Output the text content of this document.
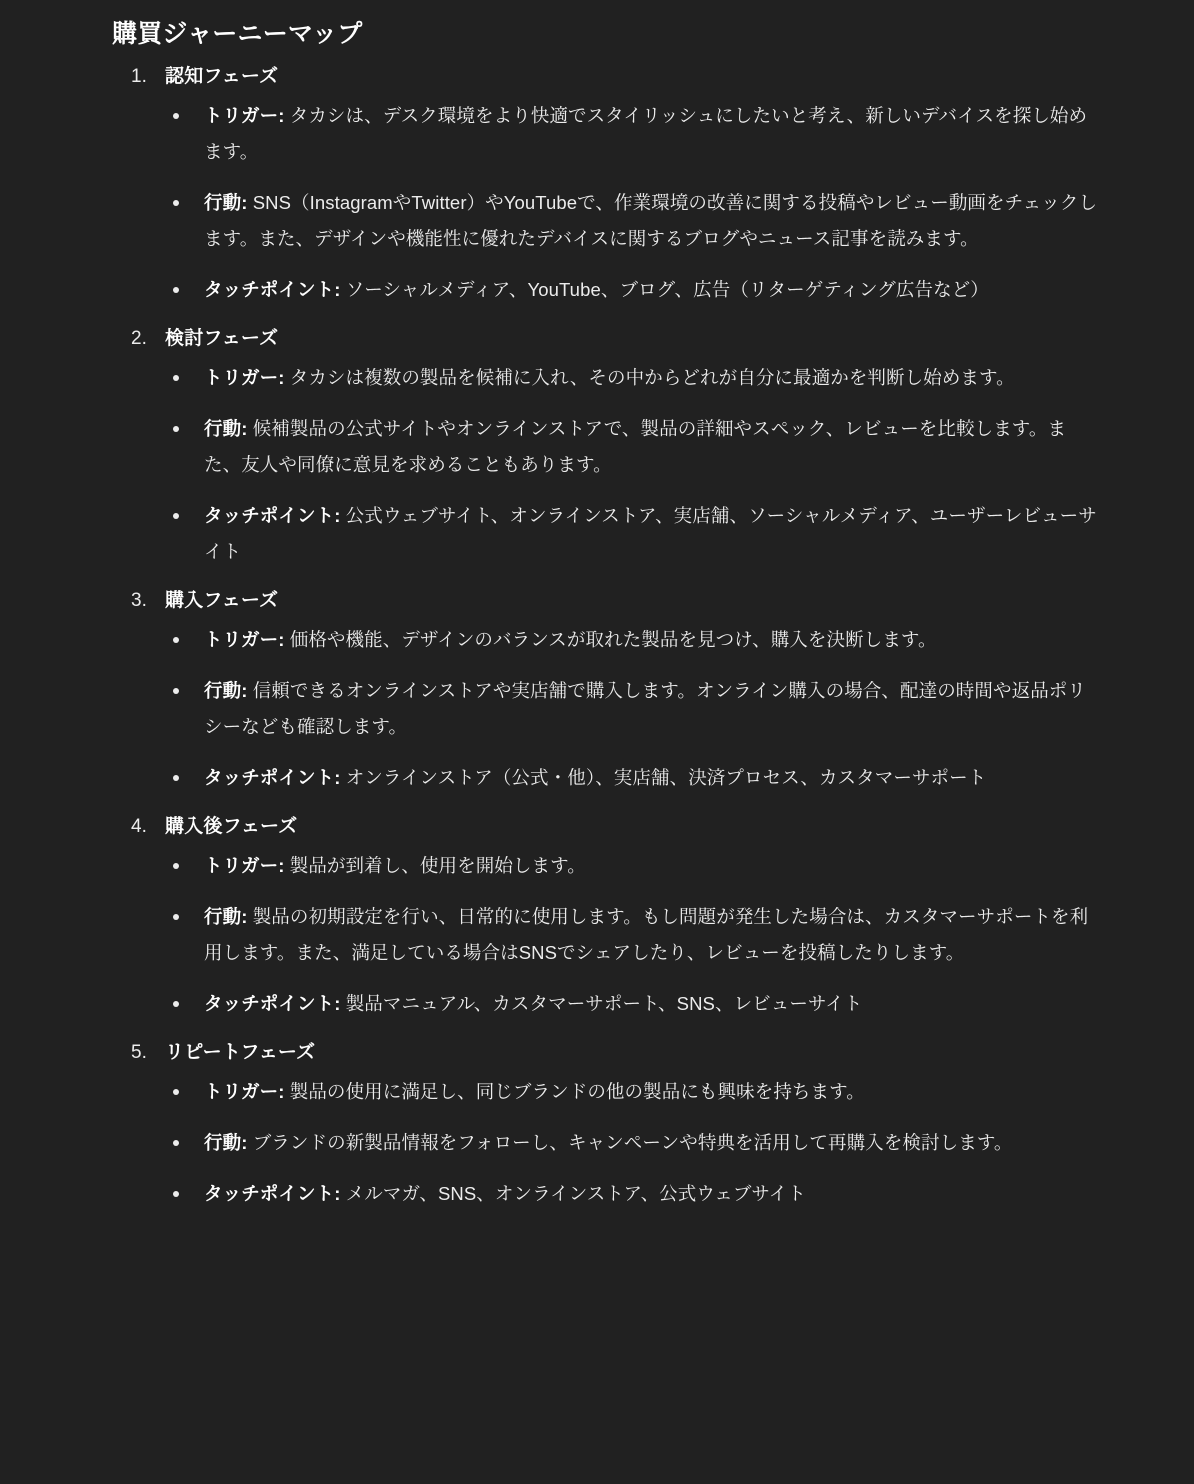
購買ジャーニーマップ
認知フェーズ
トリガー: タカシは、デスク環境をより快適でスタイリッシュにしたいと考え、新しいデバイスを探し始めます。
行動: SNS（InstagramやTwitter）やYouTubeで、作業環境の改善に関する投稿やレビュー動画をチェックします。また、デザインや機能性に優れたデバイスに関するブログやニュース記事を読みます。
タッチポイント: ソーシャルメディア、YouTube、ブログ、広告（リターゲティング広告など）
検討フェーズ
トリガー: タカシは複数の製品を候補に入れ、その中からどれが自分に最適かを判断し始めます。
行動: 候補製品の公式サイトやオンラインストアで、製品の詳細やスペック、レビューを比較します。また、友人や同僚に意見を求めることもあります。
タッチポイント: 公式ウェブサイト、オンラインストア、実店舗、ソーシャルメディア、ユーザーレビューサイト
購入フェーズ
トリガー: 価格や機能、デザインのバランスが取れた製品を見つけ、購入を決断します。
行動: 信頼できるオンラインストアや実店舗で購入します。オンライン購入の場合、配達の時間や返品ポリシーなども確認します。
タッチポイント: オンラインストア（公式・他）、実店舗、決済プロセス、カスタマーサポート
購入後フェーズ
トリガー: 製品が到着し、使用を開始します。
行動: 製品の初期設定を行い、日常的に使用します。もし問題が発生した場合は、カスタマーサポートを利用します。また、満足している場合はSNSでシェアしたり、レビューを投稿したりします。
タッチポイント: 製品マニュアル、カスタマーサポート、SNS、レビューサイト
リピートフェーズ
トリガー: 製品の使用に満足し、同じブランドの他の製品にも興味を持ちます。
行動: ブランドの新製品情報をフォローし、キャンペーンや特典を活用して再購入を検討します。
タッチポイント: メルマガ、SNS、オンラインストア、公式ウェブサイト
